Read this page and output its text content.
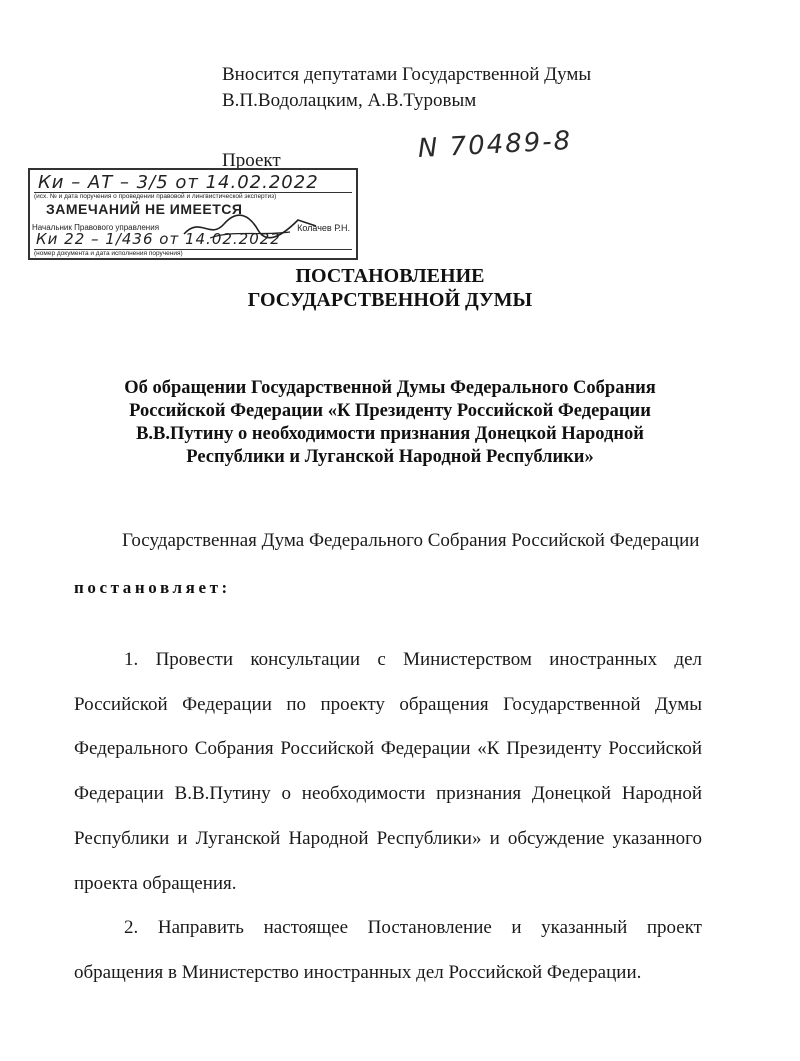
Вносится депутатами Государственной Думы
В.П.Водолацким, А.В.Туровым
Проект	N 70489-8
Ки – АТ – 3/5 от 14.02.2022
(исх. № и дата поручения о проведении правовой и лингвистической экспертиз)
ЗАМЕЧАНИЙ НЕ ИМЕЕТСЯ
Начальник Правового управления	Колачев Р.Н.
Ки 22 – 1/436 от 14.02.2022
(номер документа и дата исполнения поручения)
ПОСТАНОВЛЕНИЕ
ГОСУДАРСТВЕННОЙ ДУМЫ
Об обращении Государственной Думы Федерального Собрания
Российской Федерации «К Президенту Российской Федерации
В.В.Путину о необходимости признания Донецкой Народной
Республики и Луганской Народной Республики»
Государственная Дума Федерального Собрания Российской Федерации
постановляет:

1. Провести консультации с Министерством иностранных дел Российской Федерации по проекту обращения Государственной Думы Федерального Собрания Российской Федерации «К Президенту Российской Федерации В.В.Путину о необходимости признания Донецкой Народной Республики и Луганской Народной Республики» и обсуждение указанного проекта обращения.

2. Направить настоящее Постановление и указанный проект обращения в Министерство иностранных дел Российской Федерации.
